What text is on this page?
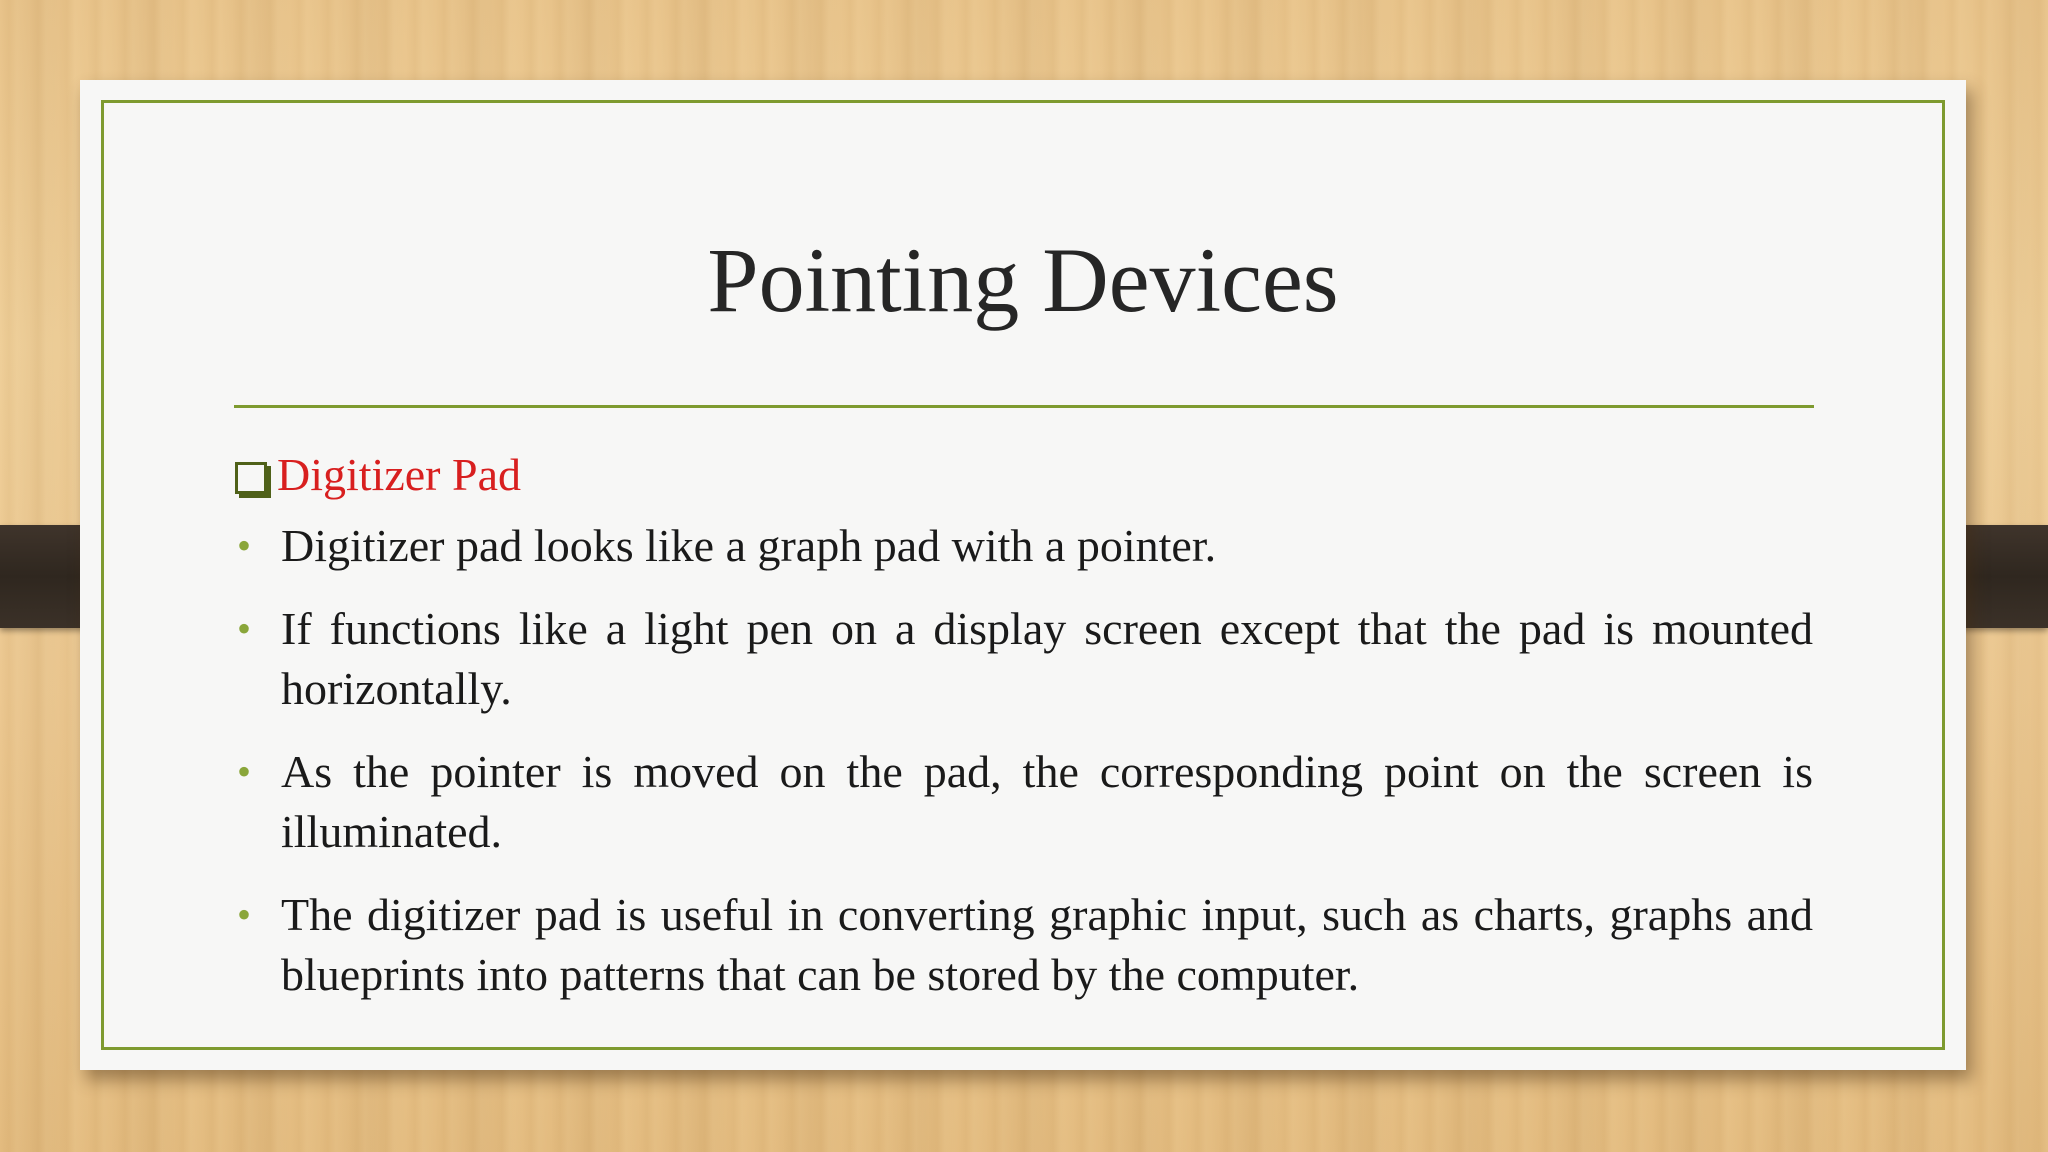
Pointing Devices
Digitizer Pad
• Digitizer pad looks like a graph pad with a pointer.
• If functions like a light pen on a display screen except that the pad is mounted horizontally.
• As the pointer is moved on the pad, the corresponding point on the screen is illuminated.
• The digitizer pad is useful in converting graphic input, such as charts, graphs and blueprints into patterns that can be stored by the computer.
